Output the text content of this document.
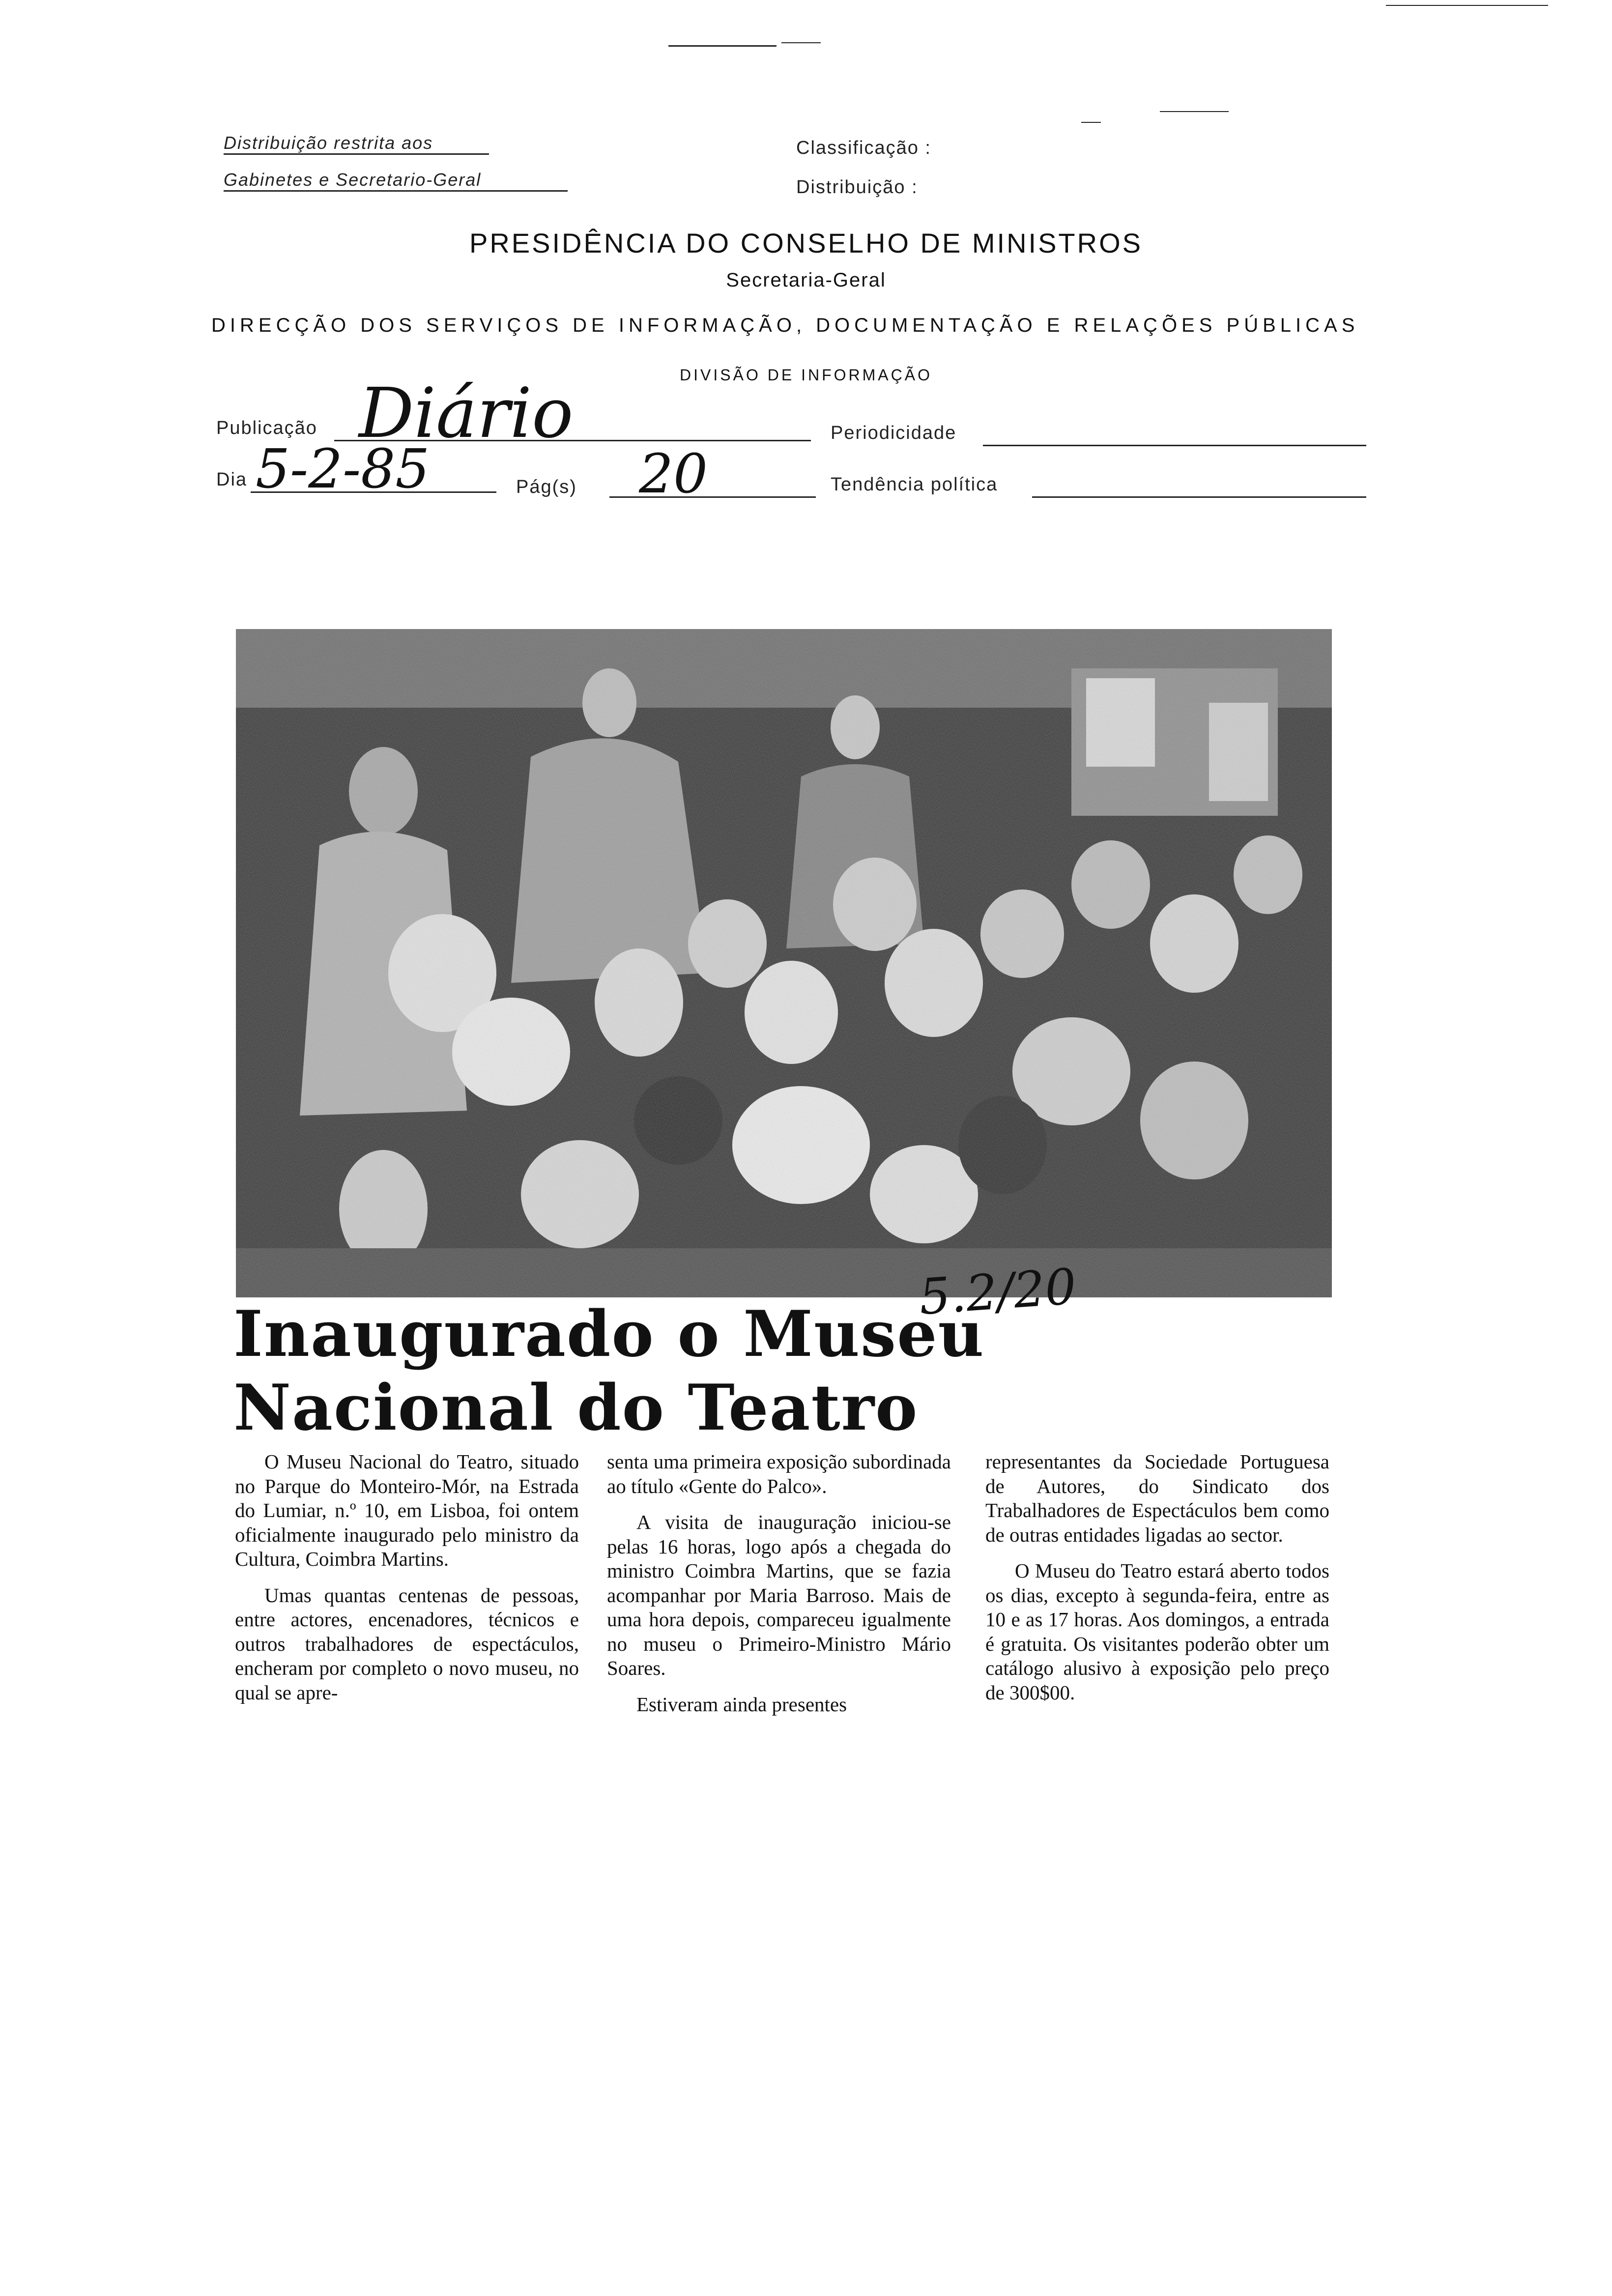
Distribuição restrita aos
Gabinetes e Secretario-Geral
Classificação :
Distribuição :
PRESIDÊNCIA DO CONSELHO DE MINISTROS
Secretaria-Geral
DIRECÇÃO DOS SERVIÇOS DE INFORMAÇÃO, DOCUMENTAÇÃO E RELAÇÕES PÚBLICAS
DIVISÃO DE INFORMAÇÃO
Publicação Diário	Periodicidade
Dia 5-2-85	Pág(s) 20	Tendência política
5.2/20
Inaugurado o Museu
Nacional do Teatro

O Museu Nacional do Teatro, situado no Parque do Monteiro-Mór, na Estrada do Lumiar, n.º 10, em Lisboa, foi ontem oficialmente inaugurado pelo ministro da Cultura, Coimbra Martins.

Umas quantas centenas de pessoas, entre actores, encenadores, técnicos e outros trabalhadores de espectáculos, encheram por completo o novo museu, no qual se apre-

senta uma primeira exposição subordinada ao título «Gente do Palco».

A visita de inauguração iniciou-se pelas 16 horas, logo após a chegada do ministro Coimbra Martins, que se fazia acompanhar por Maria Barroso. Mais de uma hora depois, compareceu igualmente no museu o Primeiro-Ministro Mário Soares.

Estiveram ainda presentes

representantes da Sociedade Portuguesa de Autores, do Sindicato dos Trabalhadores de Espectáculos bem como de outras entidades ligadas ao sector.

O Museu do Teatro estará aberto todos os dias, excepto à segunda-feira, entre as 10 e as 17 horas. Aos domingos, a entrada é gratuita. Os visitantes poderão obter um catálogo alusivo à exposição pelo preço de 300$00.
